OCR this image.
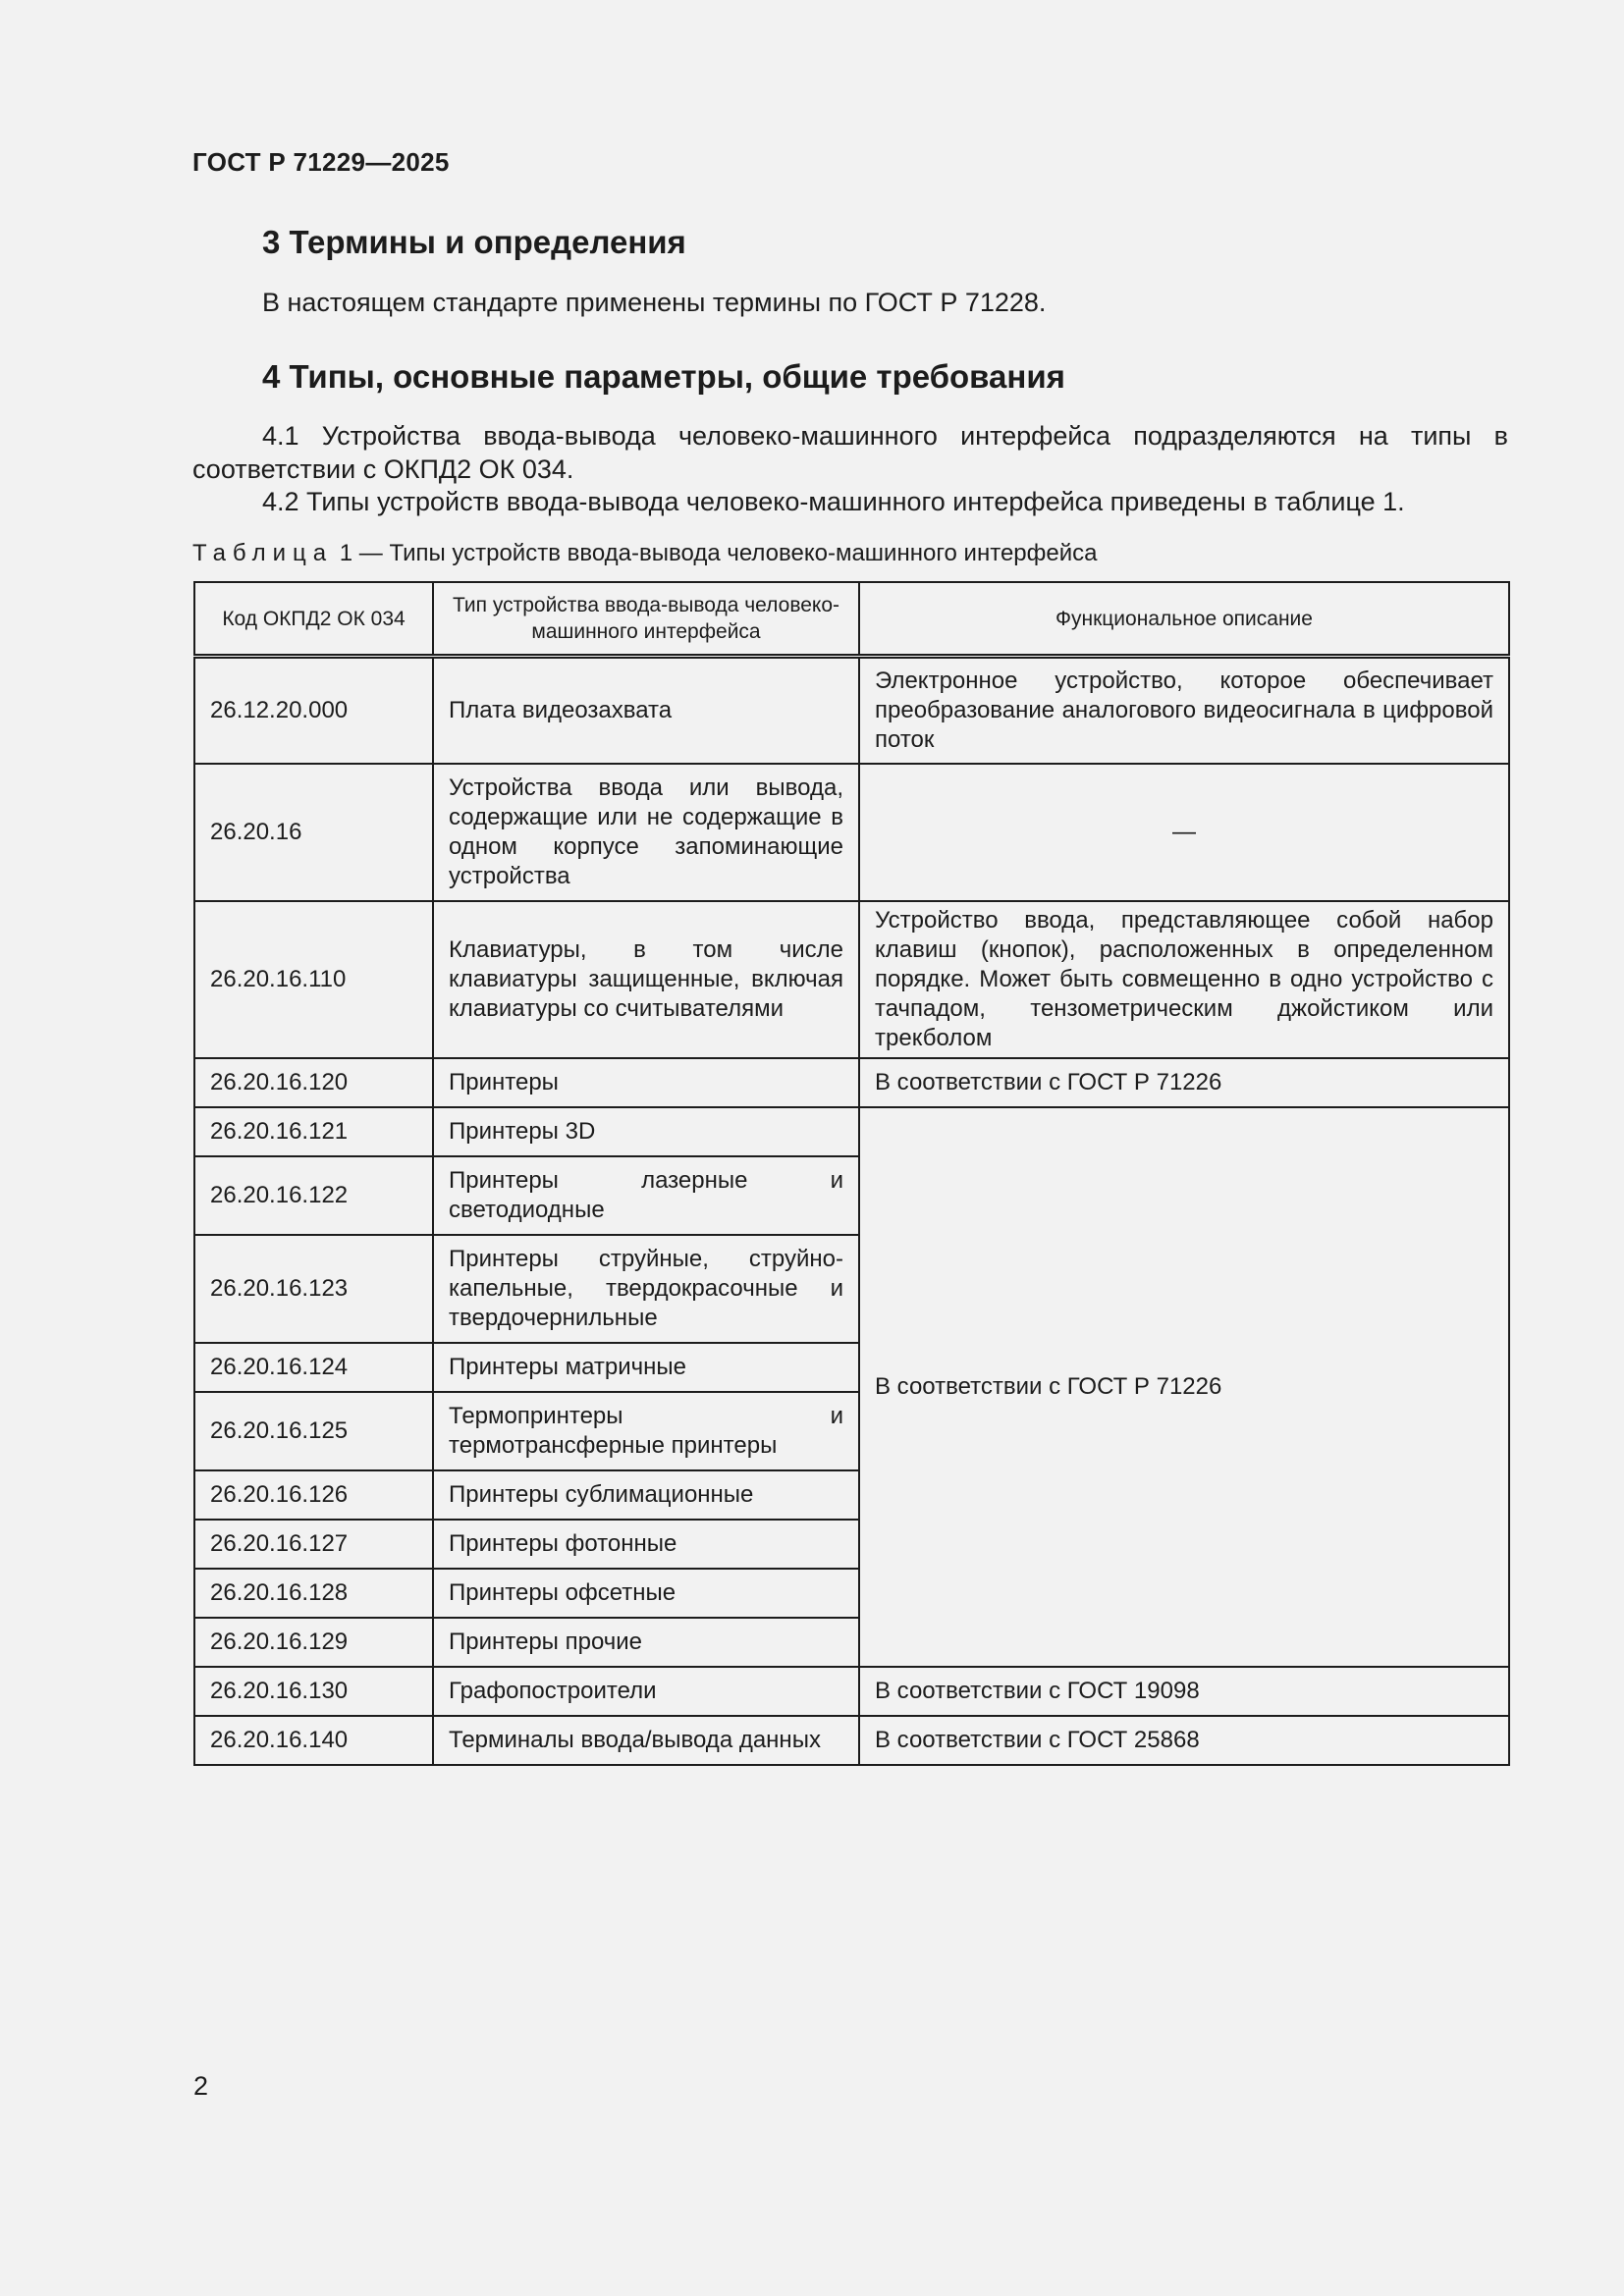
ГОСТ Р 71229—2025
3 Термины и определения
В настоящем стандарте применены термины по ГОСТ Р 71228.
4 Типы, основные параметры, общие требования
4.1 Устройства ввода-вывода человеко-машинного интерфейса подразделяются на типы в соответствии с ОКПД2 ОК 034.
4.2 Типы устройств ввода-вывода человеко-машинного интерфейса приведены в таблице 1.
Таблица 1 — Типы устройств ввода-вывода человеко-машинного интерфейса
Код ОКПД2 ОК 034	Тип устройства ввода-вывода человеко-машинного интерфейса	Функциональное описание
26.12.20.000	Плата видеозахвата	Электронное устройство, которое обеспечивает преобразование аналогового видеосигнала в цифровой поток
26.20.16	Устройства ввода или вывода, содержащие или не содержащие в одном корпусе запоминающие устройства	—
26.20.16.110	Клавиатуры, в том числе клавиатуры защищенные, включая клавиатуры со считывателями	Устройство ввода, представляющее собой набор клавиш (кнопок), расположенных в определенном порядке. Может быть совмещенно в одно устройство с тачпадом, тензометрическим джойстиком или трекболом
26.20.16.120	Принтеры	В соответствии с ГОСТ Р 71226
26.20.16.121	Принтеры 3D	В соответствии с ГОСТ Р 71226
26.20.16.122	Принтеры лазерные и светодиодные	
26.20.16.123	Принтеры струйные, струйно-капельные, твердокрасочные и твердочернильные	
26.20.16.124	Принтеры матричные	
26.20.16.125	Термопринтеры и термотрансферные принтеры	
26.20.16.126	Принтеры сублимационные	
26.20.16.127	Принтеры фотонные	
26.20.16.128	Принтеры офсетные	
26.20.16.129	Принтеры прочие	
26.20.16.130	Графопостроители	В соответствии с ГОСТ 19098
26.20.16.140	Терминалы ввода/вывода данных	В соответствии с ГОСТ 25868
2
